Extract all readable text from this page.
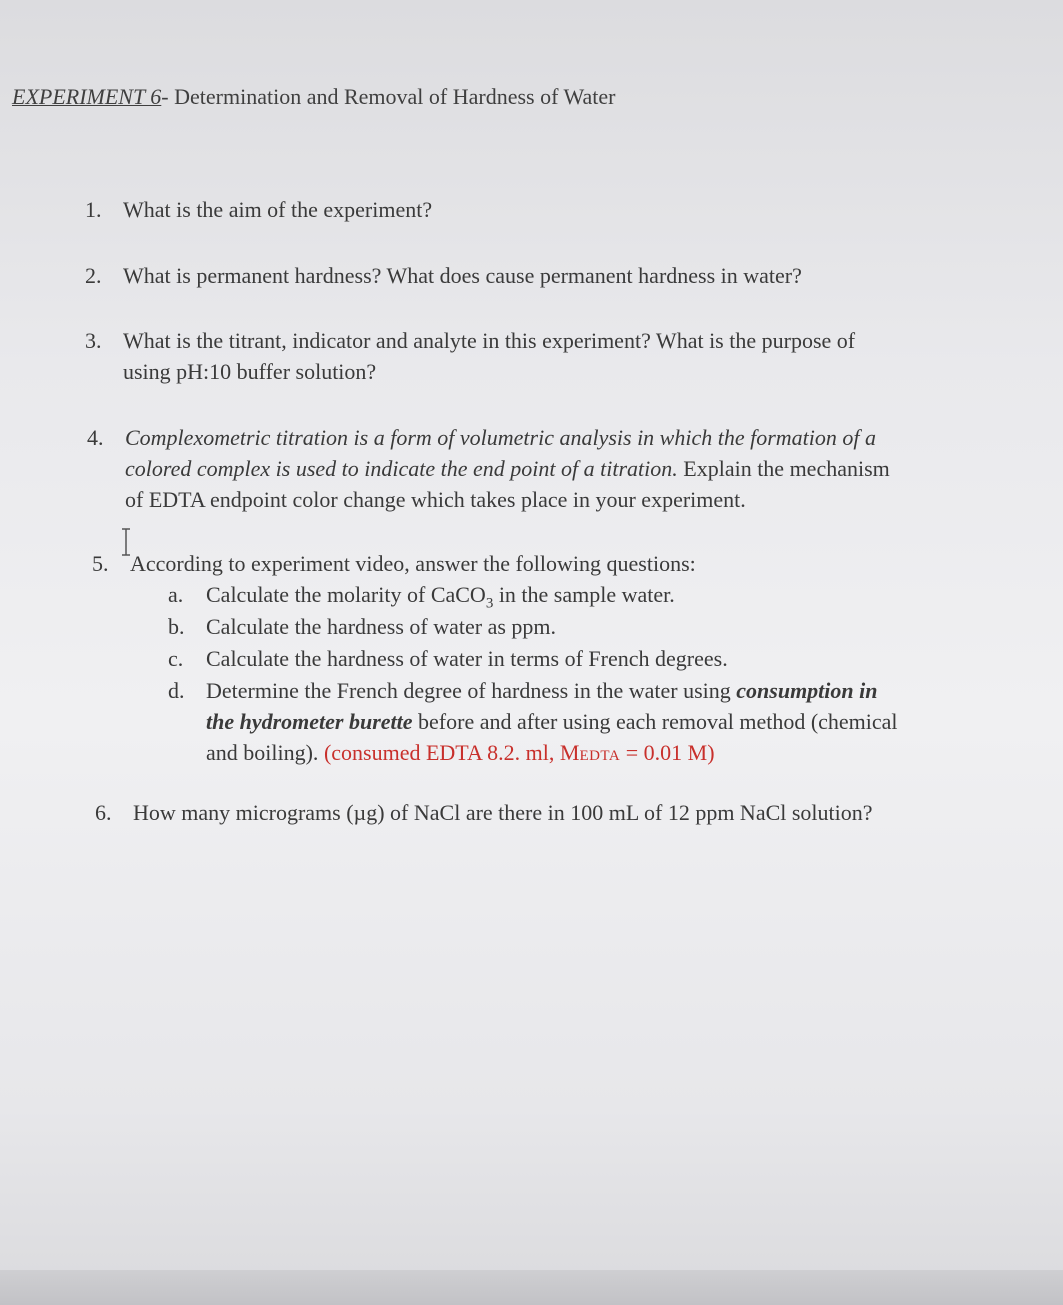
EXPERIMENT 6- Determination and Removal of Hardness of Water
1. What is the aim of the experiment?
2. What is permanent hardness? What does cause permanent hardness in water?
3. What is the titrant, indicator and analyte in this experiment? What is the purpose of
using pH:10 buffer solution?
4. Complexometric titration is a form of volumetric analysis in which the formation of a
colored complex is used to indicate the end point of a titration. Explain the mechanism
of EDTA endpoint color change which takes place in your experiment.
5. According to experiment video, answer the following questions:
a. Calculate the molarity of CaCO$_3$ in the sample water.
b. Calculate the hardness of water as ppm.
c. Calculate the hardness of water in terms of French degrees.
d. Determine the French degree of hardness in the water using consumption in
the hydrometer burette before and after using each removal method (chemical
and boiling). (consumed EDTA 8.2. ml, MEDTA = 0.01 M)
6. How many micrograms (µg) of NaCl are there in 100 mL of 12 ppm NaCl solution?
